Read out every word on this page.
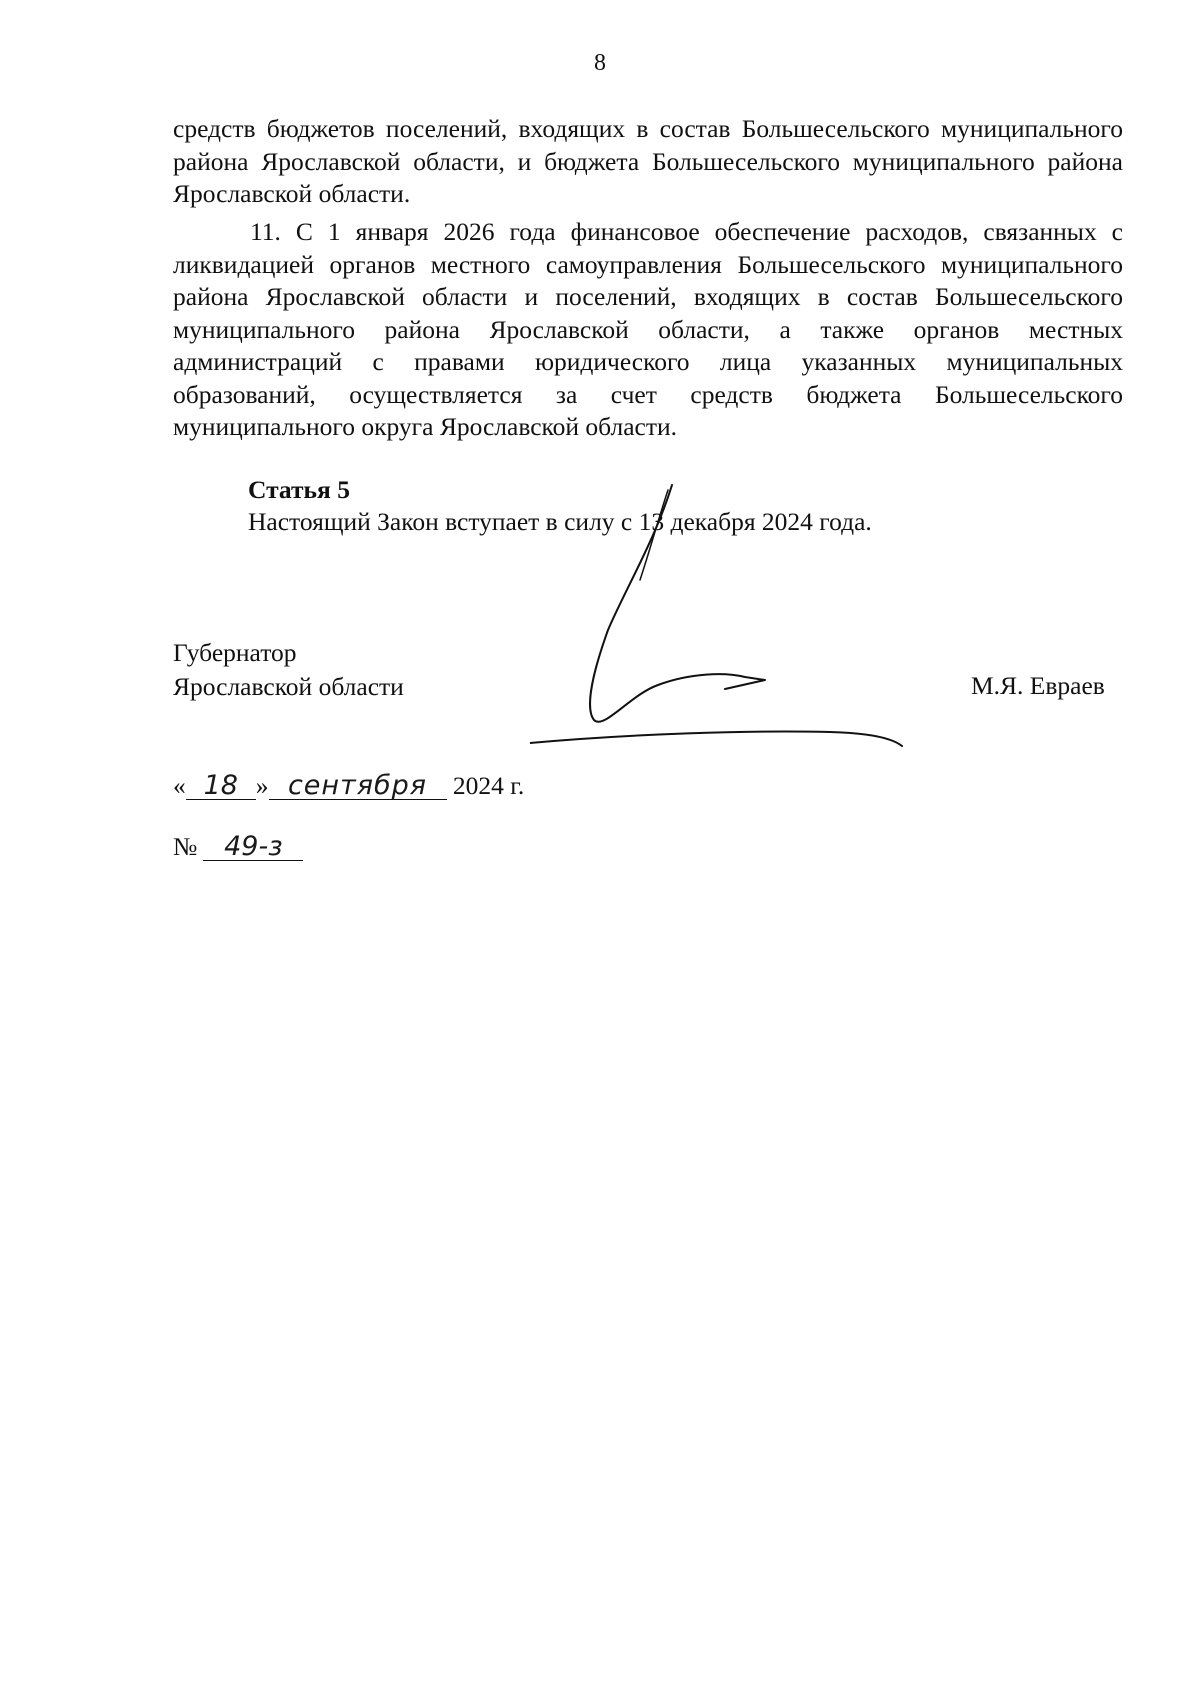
8

средств бюджетов поселений, входящих в состав Большесельского муниципального района Ярославской области, и бюджета Большесельского муниципального района Ярославской области.

11. С 1 января 2026 года финансовое обеспечение расходов, связанных с ликвидацией органов местного самоуправления Большесельского муниципального района Ярославской области и поселений, входящих в состав Большесельского муниципального района Ярославской области, а также органов местных администраций с правами юридического лица указанных муниципальных образований, осуществляется за счет средств бюджета Большесельского муниципального округа Ярославской области.

Статья 5
Настоящий Закон вступает в силу с 13 декабря 2024 года.
Губернатор
Ярославской области	М.Я. Евраев
« 18 » сентября 2024 г.
№ 49-з
